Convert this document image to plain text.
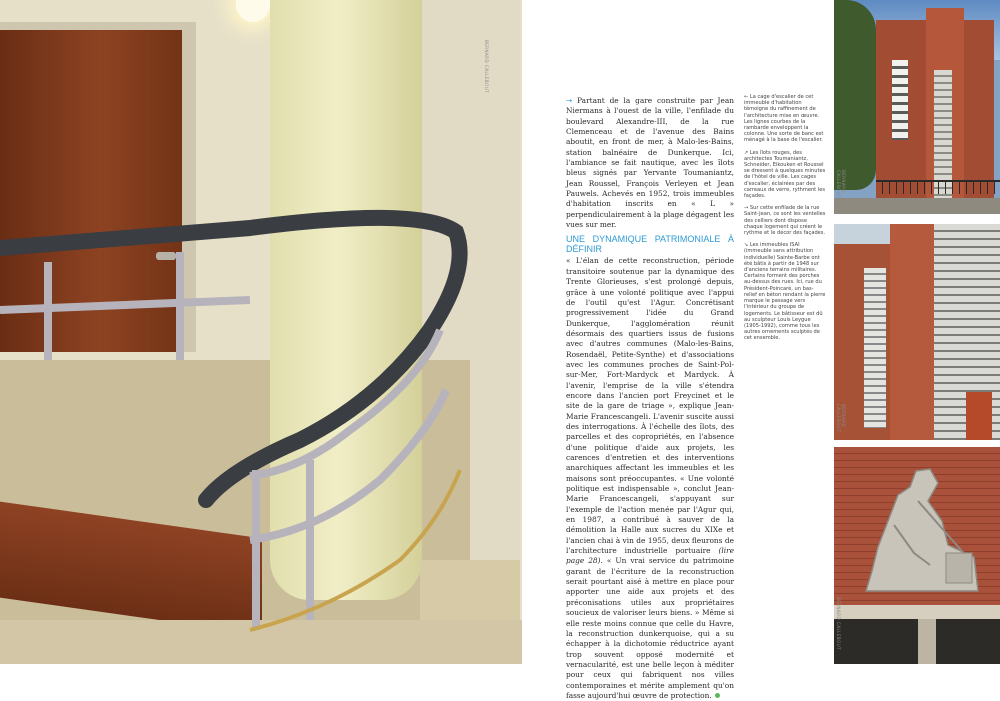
BERNARD CALLEBOUT

→ Partant de la gare construite par Jean Niermans à l'ouest de la ville, l'enfilade du boulevard Alexandre-III, de la rue Clemenceau et de l'avenue des Bains aboutit, en front de mer, à Malo-les-Bains, station balnéaire de Dunkerque. Ici, l'ambiance se fait nautique, avec les îlots bleus signés par Yervante Toumaniantz, Jean Roussel, François Verleyen et Jean Pauwels. Achevés en 1952, trois immeubles d'habitation inscrits en « L » perpendiculairement à la plage dégagent les vues sur mer.

UNE DYNAMIQUE PATRIMONIALE À DÉFINIR

« L'élan de cette reconstruction, période transitoire soutenue par la dynamique des Trente Glorieuses, s'est prolongé depuis, grâce à une volonté politique avec l'appui de l'outil qu'est l'Agur. Concrétisant progressivement l'idée du Grand Dunkerque, l'agglomération réunit désormais des quartiers issus de fusions avec d'autres communes (Malo-les-Bains, Rosendaël, Petite-Synthe) et d'associations avec les communes proches de Saint-Pol-sur-Mer, Fort-Mardyck et Mardyck. À l'avenir, l'emprise de la ville s'étendra encore dans l'ancien port Freycinet et le site de la gare de triage », explique Jean-Marie Francescangeli. L'avenir suscite aussi des interrogations. À l'échelle des îlots, des parcelles et des copropriétés, en l'absence d'une politique d'aide aux projets, les carences d'entretien et des interventions anarchiques affectant les immeubles et les maisons sont préoccupantes. « Une volonté politique est indispensable », conclut Jean-Marie Francescangeli, s'appuyant sur l'exemple de l'action menée par l'Agur qui, en 1987, a contribué à sauver de la démolition la Halle aux sucres du XIXe et l'ancien chai à vin de 1955, deux fleurons de l'architecture industrielle portuaire (lire page 28). « Un vrai service du patrimoine garant de l'écriture de la reconstruction serait pourtant aisé à mettre en place pour apporter une aide aux projets et des préconisations utiles aux propriétaires soucieux de valoriser leurs biens. » Même si elle reste moins connue que celle du Havre, la reconstruction dunkerquoise, qui a su échapper à la dichotomie réductrice ayant trop souvent opposé modernité et vernacularité, est une belle leçon à méditer pour ceux qui fabriquent nos villes contemporaines et mérite amplement qu'on fasse aujourd'hui œuvre de protection.

← La cage d'escalier de cet immeuble d'habitation témoigne du raffinement de l'architecture mise en œuvre. Les lignes courbes de la rambarde enveloppent la colonne. Une sorte de banc est ménagé à la base de l'escalier.

↗ Les îlots rouges, des architectes Toumaniantz, Schneider, Eikouken et Roussel se dressent à quelques minutes de l'hôtel de ville. Les cages d'escalier, éclairées par des carreaux de verre, rythment les façades.

→ Sur cette enfilade de la rue Saint-Jean, ce sont les ventelles des celliers dont dispose chaque logement qui créent le rythme et le décor des façades.

↘ Les immeubles ISAI (immeuble sans attribution individuelle) Sainte-Barbe ont été bâtis à partir de 1948 sur d'anciens terrains militaires. Certains forment des porches au-dessus des rues. Ici, rue du Président-Poincaré, un bas-relief en béton rendant la pierre marque le passage vers l'intérieur du groupe de logements. Le bâtisseur est dû au sculpteur Louis Leygue (1905-1992), comme tous les autres ornements sculptés de cet ensemble.

BERNARD CALLEBOUT
BERNARD CALLEBOUT
BERNARD CALLEBOUT
